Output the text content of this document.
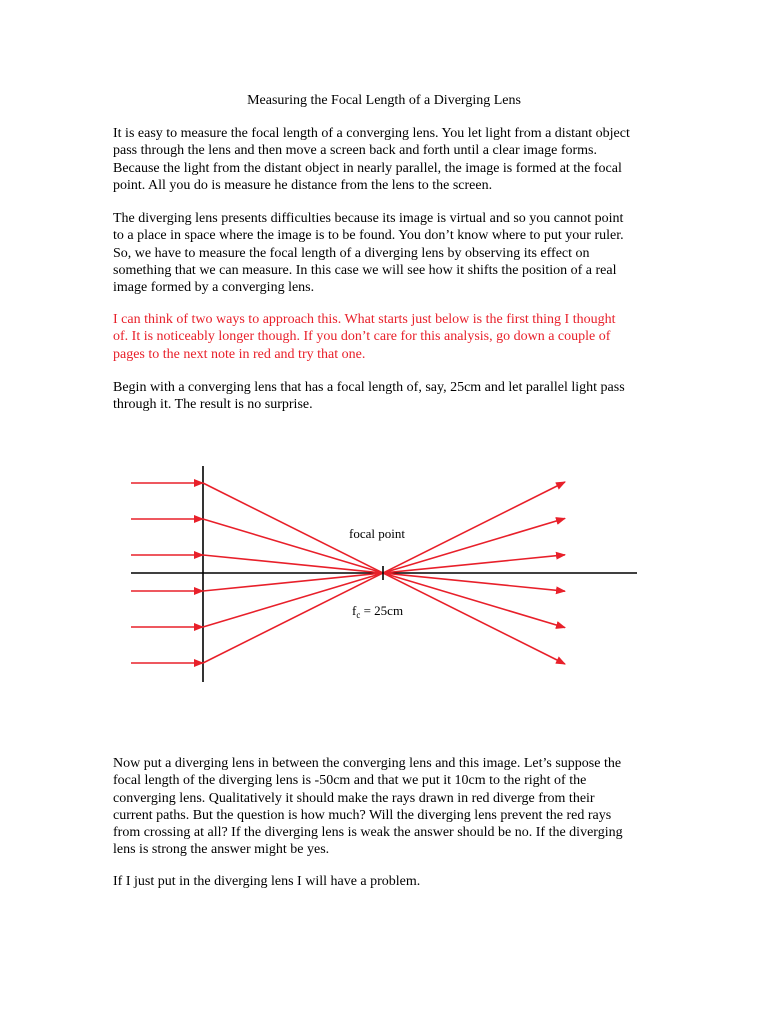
Measuring the Focal Length of a Diverging Lens

It is easy to measure the focal length of a converging lens. You let light from a distant object
pass through the lens and then move a screen back and forth until a clear image forms.
Because the light from the distant object in nearly parallel, the image is formed at the focal
point. All you do is measure he distance from the lens to the screen.

The diverging lens presents difficulties because its image is virtual and so you cannot point
to a place in space where the image is to be found. You don’t know where to put your ruler.
So, we have to measure the focal length of a diverging lens by observing its effect on
something that we can measure. In this case we will see how it shifts the position of a real
image formed by a converging lens.

I can think of two ways to approach this. What starts just below is the first thing I thought
of. It is noticeably longer though. If you don’t care for this analysis, go down a couple of
pages to the next note in red and try that one.

Begin with a converging lens that has a focal length of, say, 25cm and let parallel light pass
through it. The result is no surprise.

focal point
$f_c = 25cm$

Now put a diverging lens in between the converging lens and this image. Let’s suppose the
focal length of the diverging lens is -50cm and that we put it 10cm to the right of the
converging lens. Qualitatively it should make the rays drawn in red diverge from their
current paths. But the question is how much? Will the diverging lens prevent the red rays
from crossing at all? If the diverging lens is weak the answer should be no. If the diverging
lens is strong the answer might be yes.

If I just put in the diverging lens I will have a problem.
